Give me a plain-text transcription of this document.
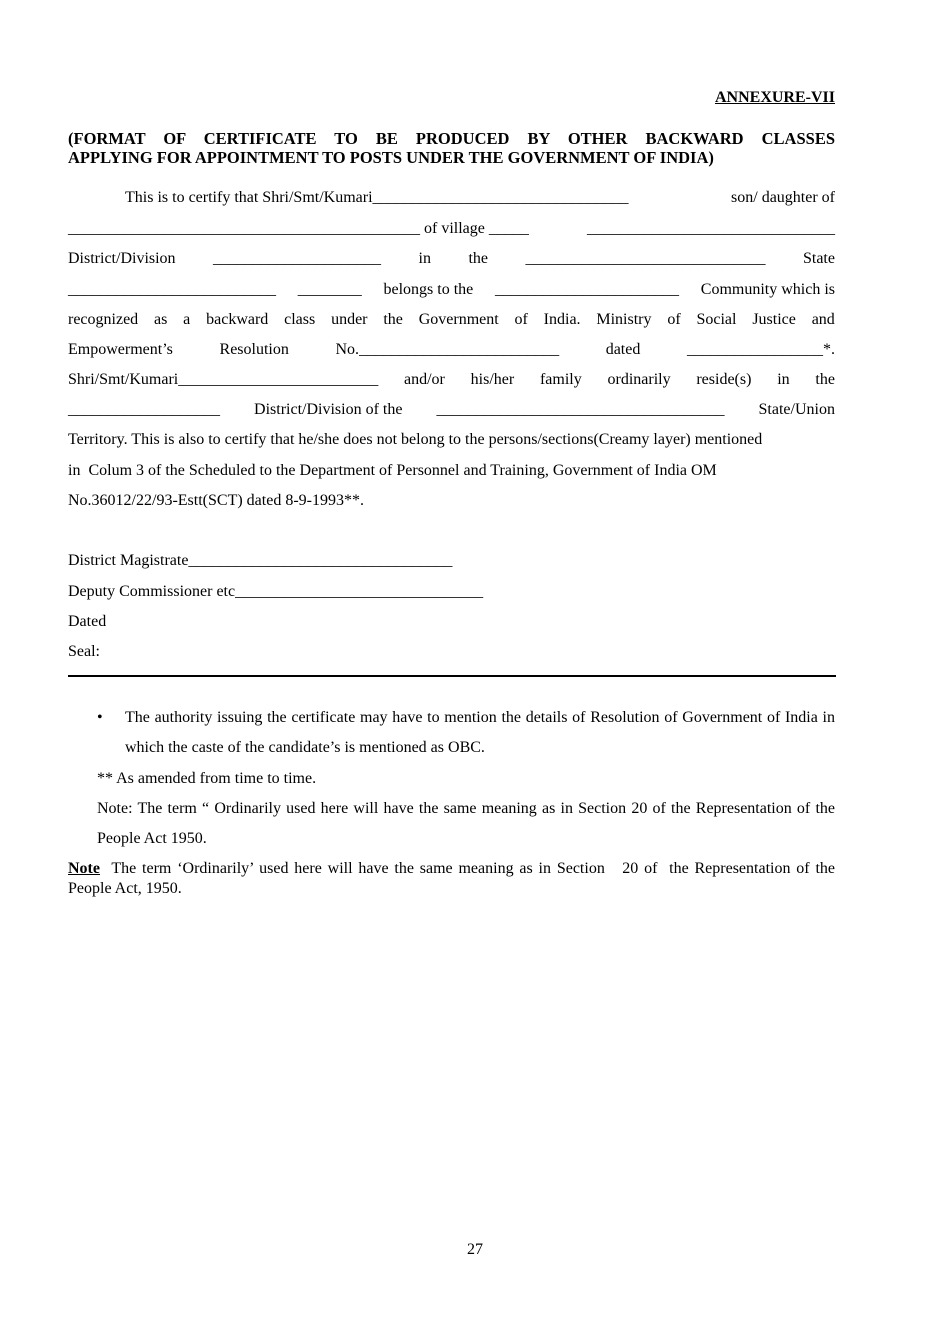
ANNEXURE-VII
(FORMAT OF CERTIFICATE TO BE PRODUCED BY OTHER BACKWARD CLASSES
APPLYING FOR APPOINTMENT TO POSTS UNDER THE GOVERNMENT OF INDIA)
This is to certify that Shri/Smt/Kumari________________________________	son/ daughter of
____________________________________________ of village _____	_______________________________
District/Division _____________________ in the ______________________________ State
__________________________ ________ belongs to the _______________________ Community which is
recognized as a backward class under the Government of India. Ministry of Social Justice and
Empowerment’s	Resolution	No._________________________	dated	_________________*.
Shri/Smt/Kumari_________________________ and/or his/her family ordinarily reside(s) in the
___________________ District/Division of the ____________________________________ State/Union
Territory. This is also to certify that he/she does not belong to the persons/sections(Creamy layer) mentioned
in  Colum 3 of the Scheduled to the Department of Personnel and Training, Government of India OM
No.36012/22/93-Estt(SCT) dated 8-9-1993**.
District Magistrate_________________________________
Deputy Commissioner etc_______________________________
Dated
Seal:
• The authority issuing the certificate may have to mention the details of Resolution of Government of India in which the caste of the candidate’s is mentioned as OBC.
** As amended from time to time.
Note: The term “ Ordinarily used here will have the same meaning as in Section 20 of the Representation of the People Act 1950.
Note  The term ‘Ordinarily’ used here will have the same meaning as in Section   20 of  the Representation of the People Act, 1950.
27
